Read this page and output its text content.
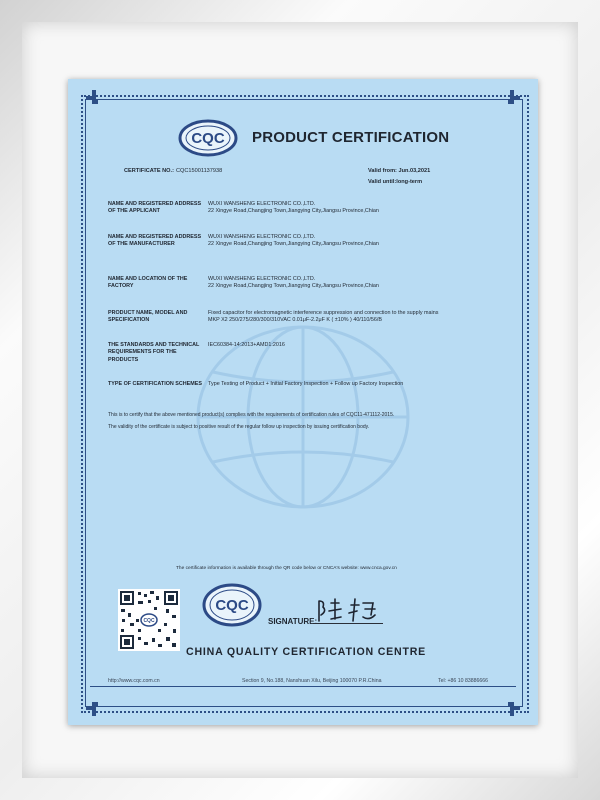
CQC PRODUCT CERTIFICATION
CERTIFICATE NO.: CQC15001137938	Valid from: Jun.03,2021
Valid until:long-term
NAME AND REGISTERED ADDRESS OF THE APPLICANT
WUXI WANSHENG ELECTRONIC CO.,LTD.
22 Xingye Road,Changjing Town,Jiangying City,Jiangsu Province,Chian
NAME AND REGISTERED ADDRESS OF THE MANUFACTURER
WUXI WANSHENG ELECTRONIC CO.,LTD.
22 Xingye Road,Changjing Town,Jiangying City,Jiangsu Province,Chian
NAME AND LOCATION OF THE FACTORY
WUXI WANSHENG ELECTRONIC CO.,LTD.
22 Xingye Road,Changjing Town,Jiangying City,Jiangsu Province,Chian
PRODUCT NAME, MODEL AND SPECIFICATION
Fixed capacitor for electromagnetic interference suppression and connection to the supply mains
MKP X2 250/275/280/300/310VAC 0.01μF-2.2μF K ( ±10% ) 40/110/56/B
THE STANDARDS AND TECHNICAL REQUIREMENTS FOR THE PRODUCTS
IEC60384-14:2013+AMD1:2016
TYPE OF CERTIFICATION SCHEMES	Type Testing of Product + Initial Factory Inspection + Follow up Factory Inspection
This is to certify that the above mentioned product(s) complies with the requirements of certification rules of CQC11-471112-2015.
The validity of the certificate is subject to positive result of the regular follow up inspection by issuing certification body.
The certificate information is available through the QR code below or CNCA's website: www.cnca.gov.cn
CQC
CQC
SIGNATURE:
CHINA QUALITY CERTIFICATION CENTRE
http://www.cqc.com.cn	Section 9, No.188, Nanshuan Xilu, Beijing 100070 P.R.China	Tel: +86 10 83886666
